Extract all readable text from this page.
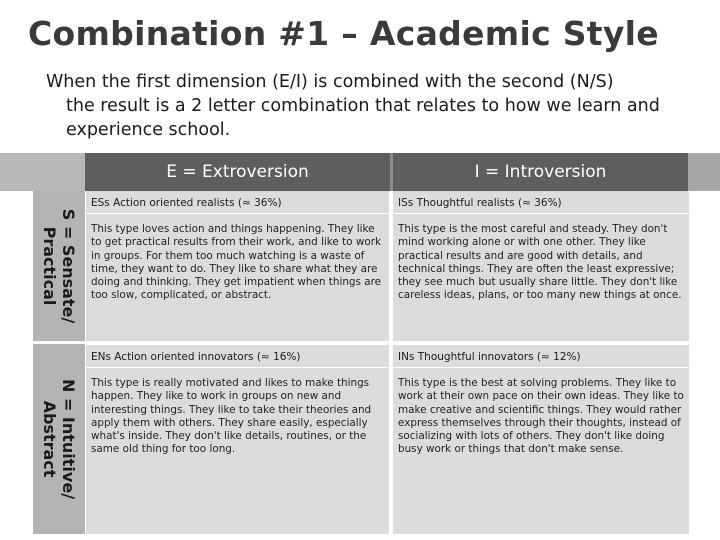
Combination #1 – Academic Style
When the first dimension (E/I) is combined with the second (N/S)
the result is a 2 letter combination that relates to how we learn and experience school.
E = Extroversion	I = Introversion
S = Sensate/
Practical
ESs Action oriented realists (≈ 36%)	ISs Thoughtful realists (≈ 36%)
This type loves action and things happening. They like to get practical results from their work, and like to work in groups. For them too much watching is a waste of time, they want to do. They like to share what they are doing and thinking. They get impatient when things are too slow, complicated, or abstract.
This type is the most careful and steady. They don't mind working alone or with one other. They like practical results and are good with details, and technical things. They are often the least expressive; they see much but usually share little. They don't like careless ideas, plans, or too many new things at once.
N = Intuitive/
Abstract
ENs Action oriented innovators (≈ 16%)	INs Thoughtful innovators (≈ 12%)
This type is really motivated and likes to make things happen. They like to work in groups on new and interesting things. They like to take their theories and apply them with others. They share easily, especially what's inside. They don't like details, routines, or the same old thing for too long.
This type is the best at solving problems. They like to work at their own pace on their own ideas. They like to make creative and scientific things. They would rather express themselves through their thoughts, instead of socializing with lots of others. They don't like doing busy work or things that don't make sense.
